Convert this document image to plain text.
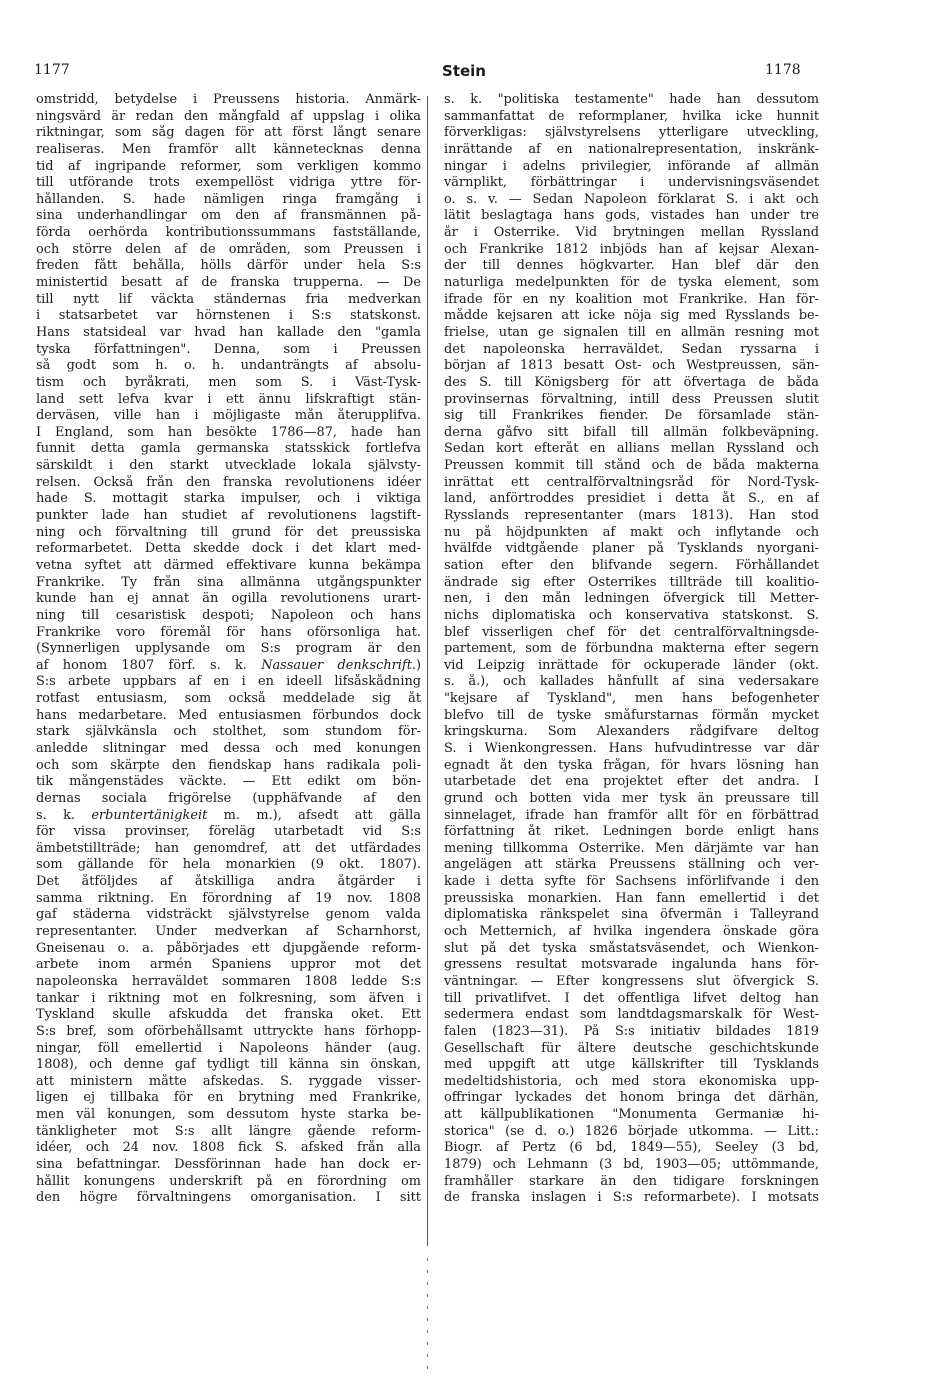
1177	Stein	1178
omstridd, betydelse i Preussens historia. Anmärk-
ningsvärd är redan den mångfald af uppslag i olika
riktningar, som såg dagen för att först långt senare
realiseras. Men framför allt kännetecknas denna
tid af ingripande reformer, som verkligen kommo
till utförande trots exempellöst vidriga yttre för-
hållanden. S. hade nämligen ringa framgång i
sina underhandlingar om den af fransmännen på-
förda oerhörda kontributionssummans fastställande,
och större delen af de områden, som Preussen i
freden fått behålla, hölls därför under hela S:s
ministertid besatt af de franska trupperna. — De
till nytt lif väckta ständernas fria medverkan
i statsarbetet var hörnstenen i S:s statskonst.
Hans statsideal var hvad han kallade den "gamla
tyska författningen". Denna, som i Preussen
så godt som h. o. h. undanträngts af absolu-
tism och byråkrati, men som S. i Väst-Tysk-
land sett lefva kvar i ett ännu lifskraftigt stän-
derväsen, ville han i möjligaste mån återupplifva.
I England, som han besökte 1786—87, hade han
funnit detta gamla germanska statsskick fortlefva
särskildt i den starkt utvecklade lokala självsty-
relsen. Också från den franska revolutionens idéer
hade S. mottagit starka impulser, och i viktiga
punkter lade han studiet af revolutionens lagstift-
ning och förvaltning till grund för det preussiska
reformarbetet. Detta skedde dock i det klart med-
vetna syftet att därmed effektivare kunna bekämpa
Frankrike. Ty från sina allmänna utgångspunkter
kunde han ej annat än ogilla revolutionens urart-
ning till cesaristisk despoti; Napoleon och hans
Frankrike voro föremål för hans oförsonliga hat.
(Synnerligen upplysande om S:s program är den
af honom 1807 förf. s. k. Nassauer denkschrift.)
S:s arbete uppbars af en i en ideell lifsåskådning
rotfast entusiasm, som också meddelade sig åt
hans medarbetare. Med entusiasmen förbundos dock
stark självkänsla och stolthet, som stundom för-
anledde slitningar med dessa och med konungen
och som skärpte den fiendskap hans radikala poli-
tik mångenstädes väckte. — Ett edikt om bön-
dernas sociala frigörelse (upphäfvande af den
s. k. erbuntertänigkeit m. m.), afsedt att gälla
för vissa provinser, föreläg utarbetadt vid S:s
ämbetstillträde; han genomdref, att det utfärdades
som gällande för hela monarkien (9 okt. 1807).
Det åtföljdes af åtskilliga andra åtgärder i
samma riktning. En förordning af 19 nov. 1808
gaf städerna vidsträckt självstyrelse genom valda
representanter. Under medverkan af Scharnhorst,
Gneisenau o. a. påbörjades ett djupgående reform-
arbete inom armén Spaniens uppror mot det
napoleonska herraväldet sommaren 1808 ledde S:s
tankar i riktning mot en folkresning, som äfven i
Tyskland skulle afskudda det franska oket. Ett
S:s bref, som oförbehållsamt uttryckte hans förhopp-
ningar, föll emellertid i Napoleons händer (aug.
1808), och denne gaf tydligt till känna sin önskan,
att ministern måtte afskedas. S. ryggade visser-
ligen ej tillbaka för en brytning med Frankrike,
men väl konungen, som dessutom hyste starka be-
tänkligheter mot S:s allt längre gående reform-
idéer, och 24 nov. 1808 fick S. afsked från alla
sina befattningar. Dessförinnan hade han dock er-
hållit konungens underskrift på en förordning om
den högre förvaltningens omorganisation. I sitt
s. k. "politiska testamente" hade han dessutom
sammanfattat de reformplaner, hvilka icke hunnit
förverkligas: självstyrelsens ytterligare utveckling,
inrättande af en nationalrepresentation, inskränk-
ningar i adelns privilegier, införande af allmän
värnplikt, förbättringar i undervisningsväsendet
o. s. v. — Sedan Napoleon förklarat S. i akt och
lätit beslagtaga hans gods, vistades han under tre
år i Österrike. Vid brytningen mellan Ryssland
och Frankrike 1812 inbjöds han af kejsar Alexan-
der till dennes högkvarter. Han blef där den
naturliga medelpunkten för de tyska element, som
ifrade för en ny koalition mot Frankrike. Han för-
mådde kejsaren att icke nöja sig med Rysslands be-
frielse, utan ge signalen till en allmän resning mot
det napoleonska herraväldet. Sedan ryssarna i
början af 1813 besatt Ost- och Westpreussen, sän-
des S. till Königsberg för att öfvertaga de båda
provinsernas förvaltning, intill dess Preussen slutit
sig till Frankrikes fiender. De församlade stän-
derna gåfvo sitt bifall till allmän folkbeväpning.
Sedan kort efteråt en allians mellan Ryssland och
Preussen kommit till stånd och de båda makterna
inrättat ett centralförvaltningsråd för Nord-Tysk-
land, anförtroddes presidiet i detta åt S., en af
Rysslands representanter (mars 1813). Han stod
nu på höjdpunkten af makt och inflytande och
hvälfde vidtgående planer på Tysklands nyorgani-
sation efter den blifvande segern. Förhållandet
ändrade sig efter Österrikes tillträde till koalitio-
nen, i den mån ledningen öfvergick till Metter-
nichs diplomatiska och konservativa statskonst. S.
blef visserligen chef för det centralförvaltningsde-
partement, som de förbundna makterna efter segern
vid Leipzig inrättade för ockuperade länder (okt.
s. å.), och kallades hånfullt af sina vedersakare
"kejsare af Tyskland", men hans befogenheter
blefvo till de tyske småfurstarnas förmån mycket
kringskurna. Som Alexanders rådgifvare deltog
S. i Wienkongressen. Hans hufvudintresse var där
egnadt åt den tyska frågan, för hvars lösning han
utarbetade det ena projektet efter det andra. I
grund och botten vida mer tysk än preussare till
sinnelaget, ifrade han framför allt för en förbättrad
författning åt riket. Ledningen borde enligt hans
mening tillkomma Österrike. Men därjämte var han
angelägen att stärka Preussens ställning och ver-
kade i detta syfte för Sachsens införlifvande i den
preussiska monarkien. Han fann emellertid i det
diplomatiska ränkspelet sina öfvermän i Talleyrand
och Metternich, af hvilka ingendera önskade göra
slut på det tyska småstatsväsendet, och Wienkon-
gressens resultat motsvarade ingalunda hans för-
väntningar. — Efter kongressens slut öfvergick S.
till privatlifvet. I det offentliga lifvet deltog han
sedermera endast som landtdagsmarskalk för West-
falen (1823—31). På S:s initiativ bildades 1819
Gesellschaft für ältere deutsche geschichtskunde
med uppgift att utge källskrifter till Tysklands
medeltidshistoria, och med stora ekonomiska upp-
offringar lyckades det honom bringa det därhän,
att källpublikationen "Monumenta Germaniæ hi-
storica" (se d. o.) 1826 började utkomma. — Litt.:
Biogr. af Pertz (6 bd, 1849—55), Seeley (3 bd,
1879) och Lehmann (3 bd, 1903—05; uttömmande,
framhåller starkare än den tidigare forskningen
de franska inslagen i S:s reformarbete). I motsats
